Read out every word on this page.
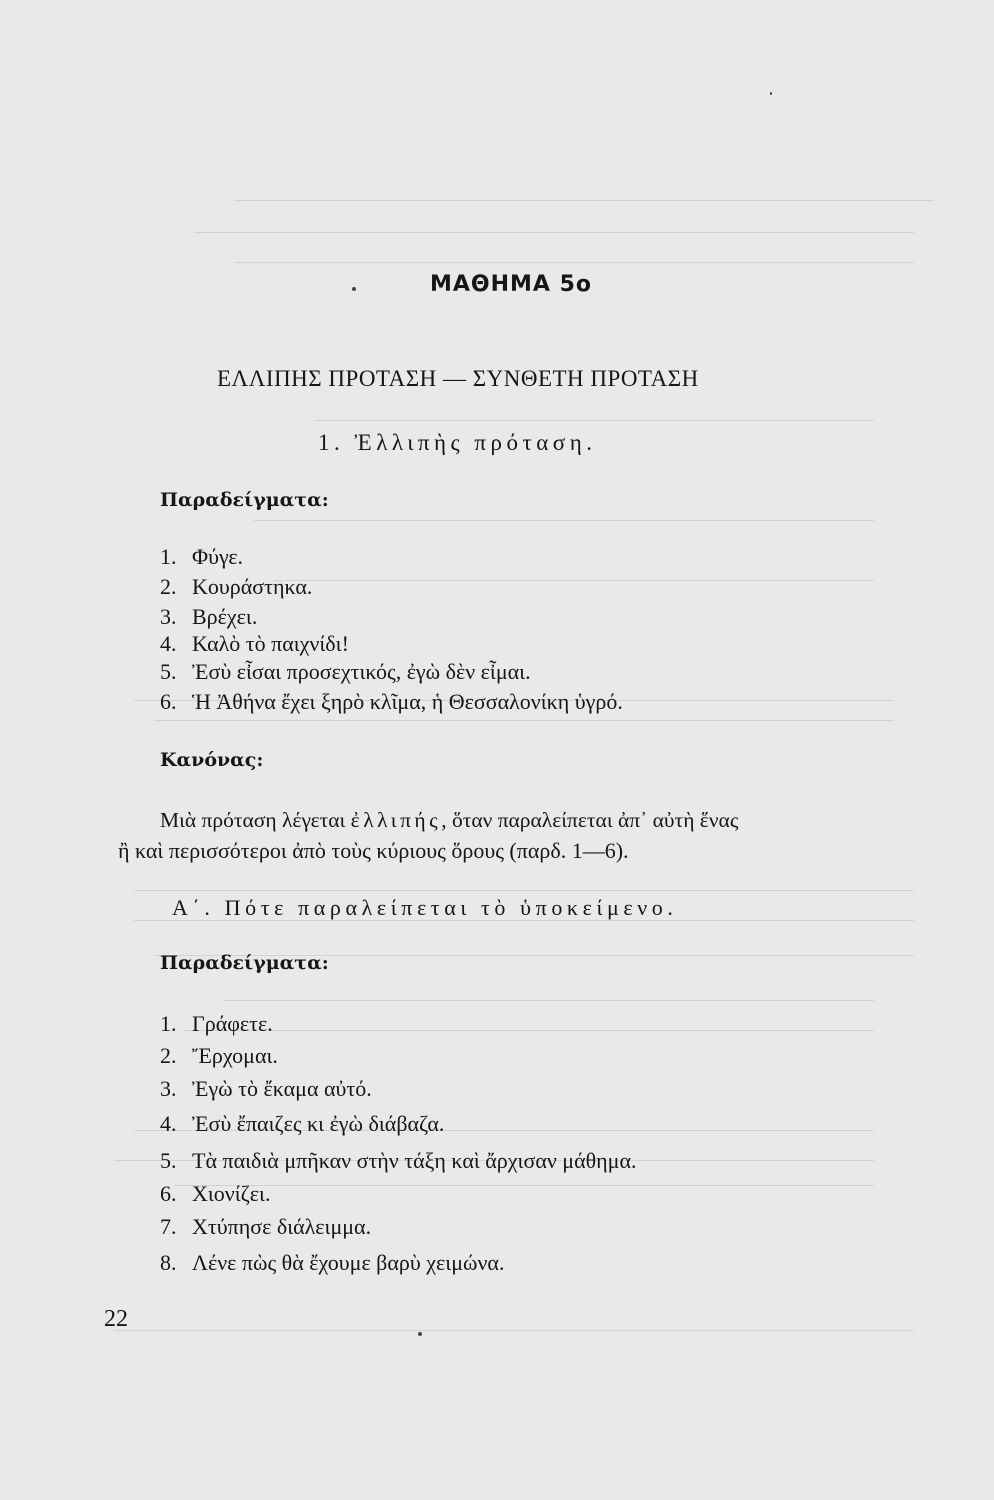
ΜΑΘΗΜΑ 5ο
ΕΛΛΙΠΗΣ ΠΡΟΤΑΣΗ — ΣΥΝΘΕΤΗ ΠΡΟΤΑΣΗ
1. Ἐλλιπὴς πρόταση.
Παραδείγματα:
1. Φύγε.
2. Κουράστηκα.
3. Βρέχει.
4. Καλὸ τὸ παιχνίδι!
5. Ἐσὺ εἶσαι προσεχτικός, ἐγὼ δὲν εἶμαι.
6. Ἡ Ἀθήνα ἔχει ξηρὸ κλῖμα, ἡ Θεσσαλονίκη ὑγρό.
Κανόνας:
Μιὰ πρόταση λέγεται ἐλλιπής, ὅταν παραλείπεται ἀπ᾽ αὐτὴ ἕνας
ἢ καὶ περισσότεροι ἀπὸ τοὺς κύριους ὅρους (παρδ. 1—6).
Α΄. Πότε παραλείπεται τὸ ὑποκείμενο.
Παραδείγματα:
1. Γράφετε.
2. Ἔρχομαι.
3. Ἐγὼ τὸ ἔκαμα αὐτό.
4. Ἐσὺ ἔπαιζες κι ἐγὼ διάβαζα.
5. Τὰ παιδιὰ μπῆκαν στὴν τάξη καὶ ἄρχισαν μάθημα.
6. Χιονίζει.
7. Χτύπησε διάλειμμα.
8. Λένε πὼς θὰ ἔχουμε βαρὺ χειμώνα.
22
